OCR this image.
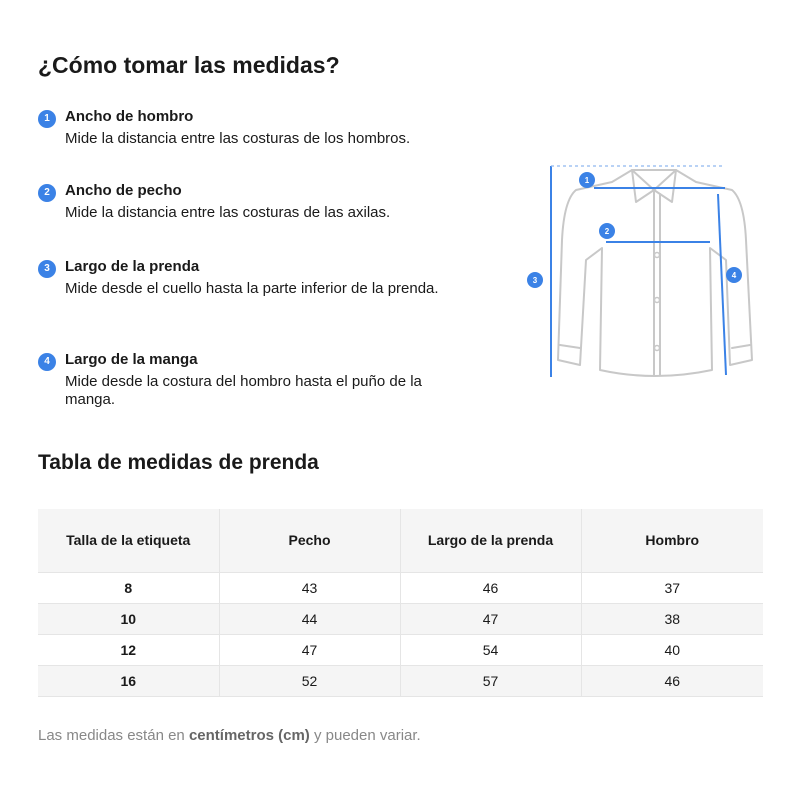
¿Cómo tomar las medidas?
1	Ancho de hombro

Mide la distancia entre las costuras de los hombros.

2	Ancho de pecho

Mide la distancia entre las costuras de las axilas.

3	Largo de la prenda

Mide desde el cuello hasta la parte inferior de la prenda.

4	Largo de la manga

Mide desde la costura del hombro hasta el puño de la manga.

1
2
3
4
Tabla de medidas de prenda
Talla de la etiqueta	Pecho	Largo de la prenda	Hombro
8	43	46	37
10	44	47	38
12	47	54	40
16	52	57	46

Las medidas están en centímetros (cm) y pueden variar.
